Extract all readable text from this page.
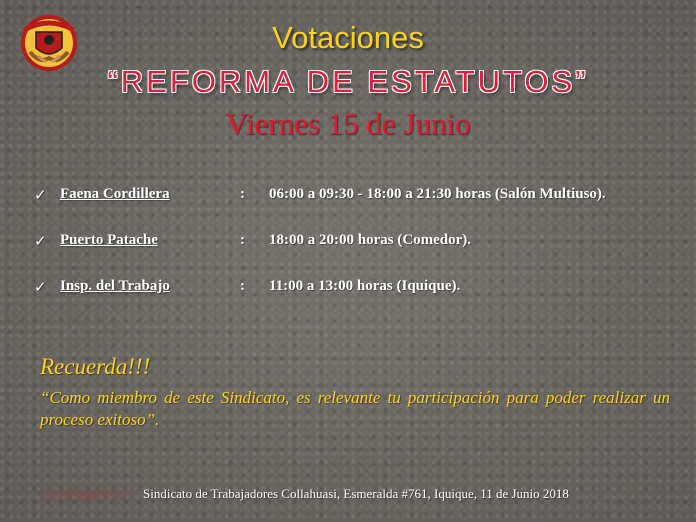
Votaciones
“REFORMA DE ESTATUTOS”
Viernes 15 de Junio
✓ Faena Cordillera	: 06:00 a 09:30 - 18:00 a 21:30 horas (Salón Multiuso).
✓ Puerto Patache	: 18:00 a 20:00 horas (Comedor).
✓ Insp. del Trabajo	: 11:00 a 13:00 horas (Iquique).
Recuerda!!!
“Como miembro de este Sindicato, es relevante tu participación para poder realizar un proceso exitoso”.
Sindicato de Trabajadores Collahuasi, Esmeralda #761, Iquique, 11 de Junio 2018
